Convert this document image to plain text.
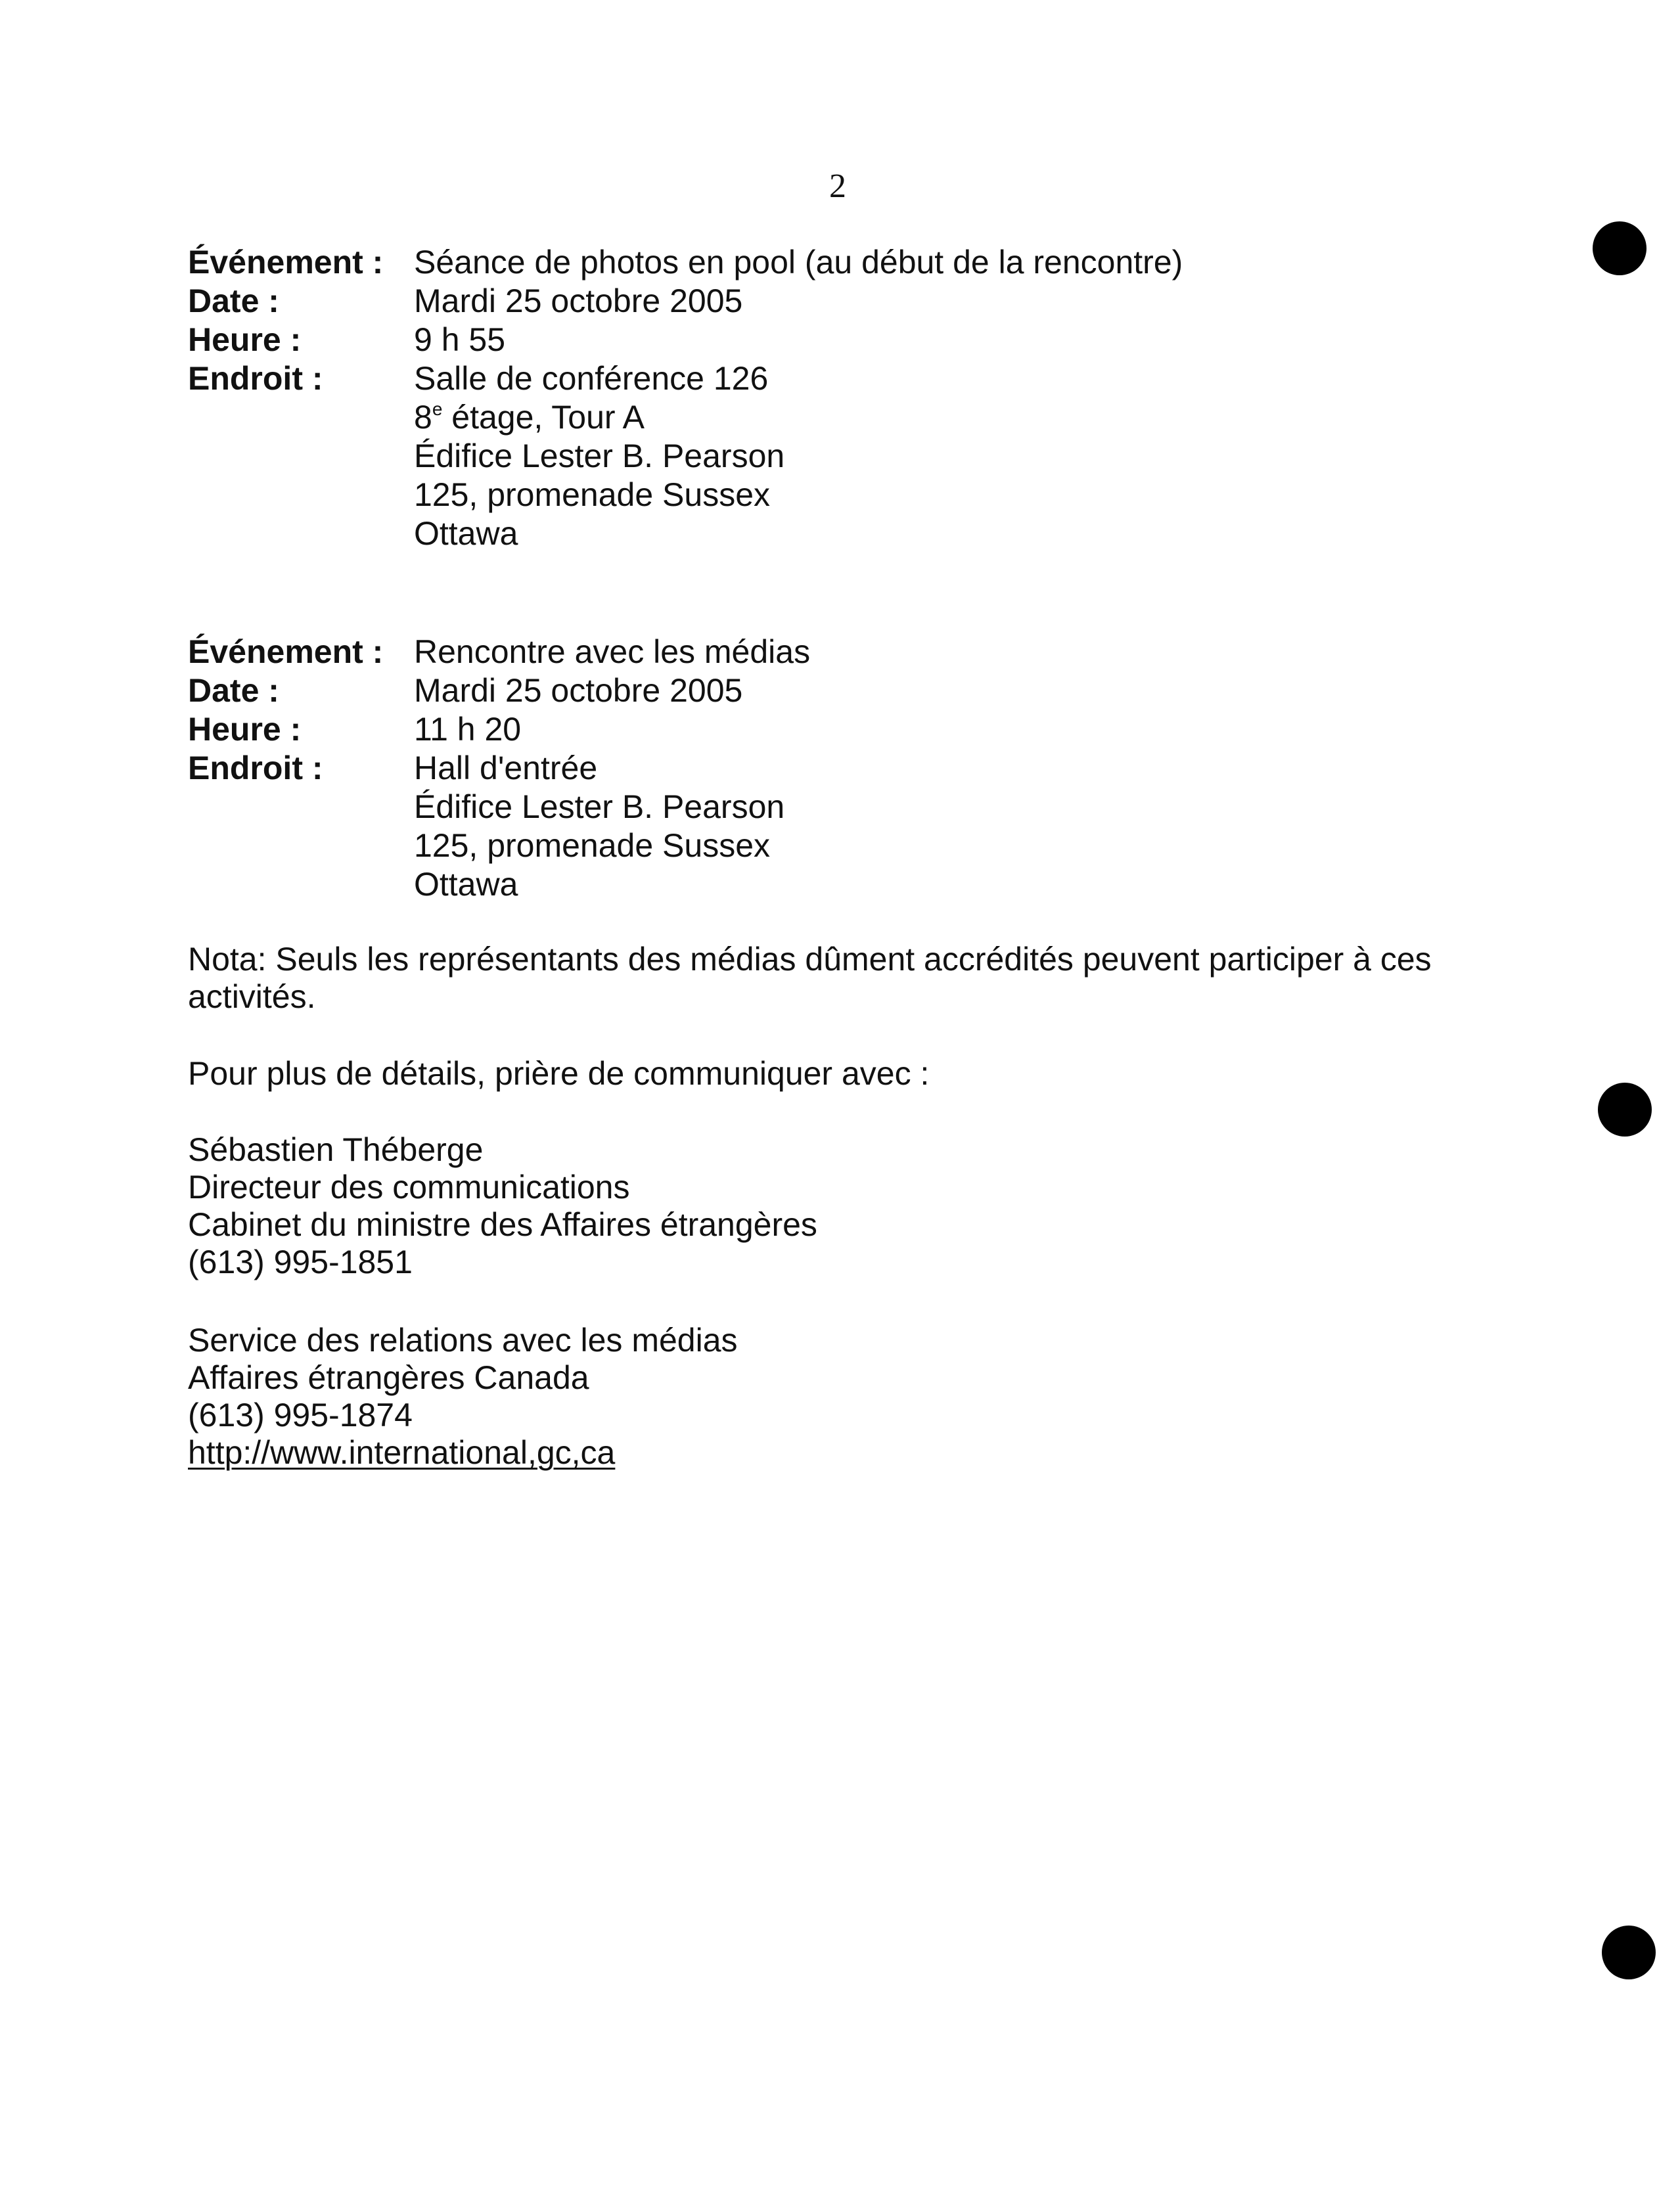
2
Événement : Séance de photos en pool (au début de la rencontre)
Date :	Mardi 25 octobre 2005
Heure :	9 h 55
Endroit :	Salle de conférence 126
8e étage, Tour A
Édifice Lester B. Pearson
125, promenade Sussex
Ottawa
Événement : Rencontre avec les médias
Date :	Mardi 25 octobre 2005
Heure :	11 h 20
Endroit :	Hall d'entrée
Édifice Lester B. Pearson
125, promenade Sussex
Ottawa
Nota: Seuls les représentants des médias dûment accrédités peuvent participer à ces activités.
Pour plus de détails, prière de communiquer avec :
Sébastien Théberge
Directeur des communications
Cabinet du ministre des Affaires étrangères
(613) 995-1851
Service des relations avec les médias
Affaires étrangères Canada
(613) 995-1874
http://www.international,gc,ca
